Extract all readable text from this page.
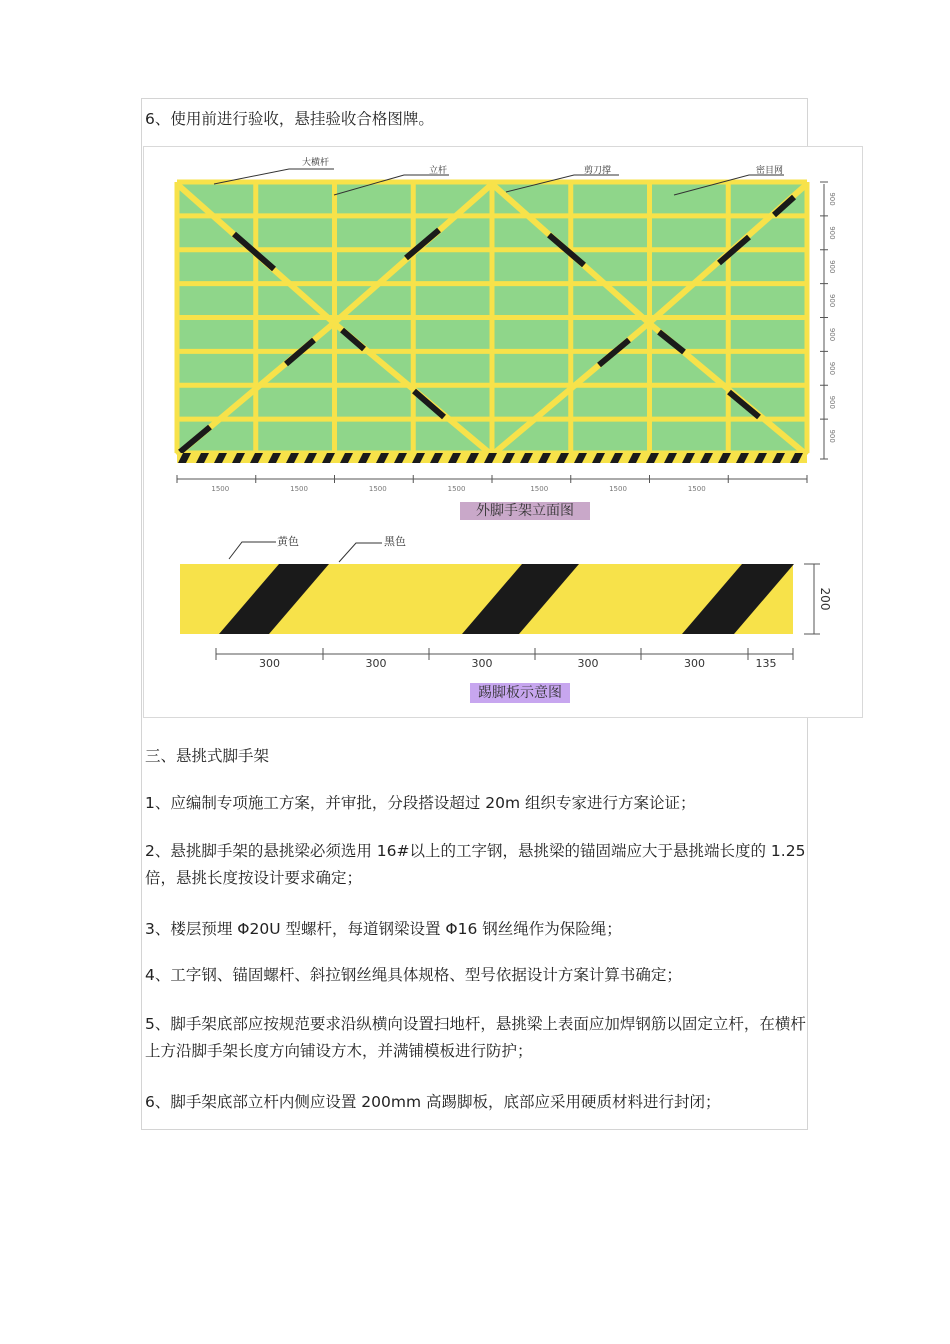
6、使用前进行验收，悬挂验收合格图牌。
大横杆
立杆	剪刀撑	密目网
900
900
900
900
900
900
900
900
1500	1500	1500	1500	1500	1500	1500
黄色	黑色
200
300	300	300	300	300	135
外脚手架立面图
踢脚板示意图
三、悬挑式脚手架
1、应编制专项施工方案，并审批，分段搭设超过 20m 组织专家进行方案论证；
2、悬挑脚手架的悬挑梁必须选用 16#以上的工字钢，悬挑梁的锚固端应大于悬挑端长度的 1.25 倍，悬挑长度按设计要求确定；
3、楼层预埋 Φ20U 型螺杆，每道钢梁设置 Φ16 钢丝绳作为保险绳；
4、工字钢、锚固螺杆、斜拉钢丝绳具体规格、型号依据设计方案计算书确定；
5、脚手架底部应按规范要求沿纵横向设置扫地杆，悬挑梁上表面应加焊钢筋以固定立杆，在横杆上方沿脚手架长度方向铺设方木，并满铺模板进行防护；
6、脚手架底部立杆内侧应设置 200mm 高踢脚板，底部应采用硬质材料进行封闭；
